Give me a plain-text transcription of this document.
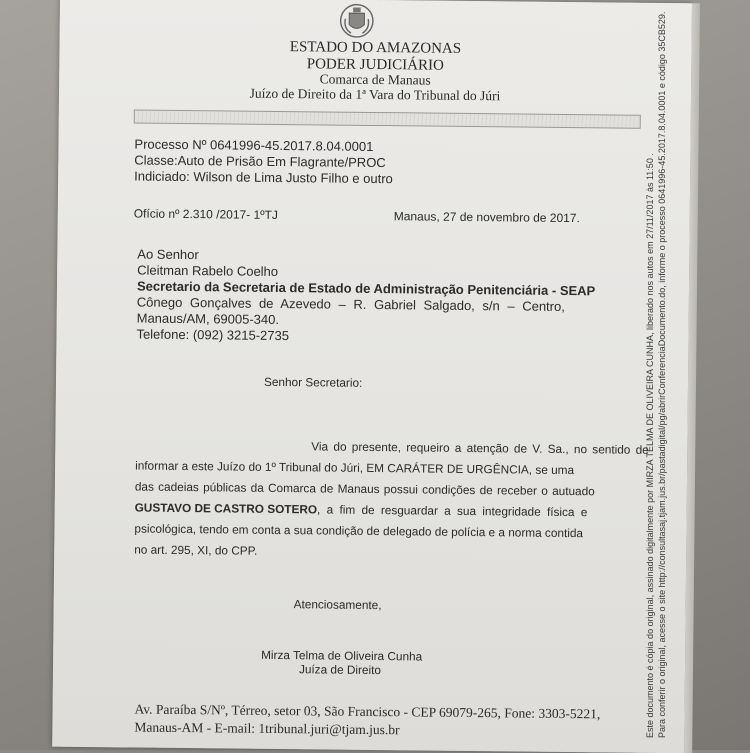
ESTADO DO AMAZONAS
PODER JUDICIÁRIO
Comarca de Manaus
Juízo de Direito da 1ª Vara do Tribunal do Júri
Processo Nº 0641996-45.2017.8.04.0001
Classe:Auto de Prisão Em Flagrante/PROC
Indiciado: Wilson de Lima Justo Filho e outro
Ofício nº 2.310 /2017- 1ºTJ	Manaus, 27 de novembro de 2017.
Ao Senhor
Cleitman Rabelo Coelho
Secretario da Secretaria de Estado de Administração Penitenciária - SEAP
Cônego Gonçalves de Azevedo – R. Gabriel Salgado, s/n – Centro,
Manaus/AM, 69005-340.
Telefone: (092) 3215-2735
Senhor Secretario:
Via do presente, requeiro a atenção de V. Sa., no sentido de
informar a este Juízo do 1º Tribunal do Júri, EM CARÁTER DE URGÊNCIA, se uma
das cadeias públicas da Comarca de Manaus possui condições de receber o autuado
GUSTAVO DE CASTRO SOTERO, a fim de resguardar a sua integridade física e
psicológica, tendo em conta a sua condição de delegado de polícia e a norma contida
no art. 295, XI, do CPP.
Atenciosamente,
Mirza Telma de Oliveira Cunha
Juíza de Direito
Av. Paraíba S/Nº, Térreo, setor 03, São Francisco - CEP 69079-265, Fone: 3303-5221,
Manaus-AM - E-mail: 1tribunal.juri@tjam.jus.br	Este documento é cópia do original, assinado digitalmente por MIRZA TELMA DE OLIVEIRA CUNHA, liberado nos autos em 27/11/2017 às 11:50 . Para conferir o original, acesse o site http://consultasaj.tjam.jus.br/pastadigital/pg/abrirConferenciaDocumento.do, informe o processo 0641996-45.2017.8.04.0001 e código 35CB529.
